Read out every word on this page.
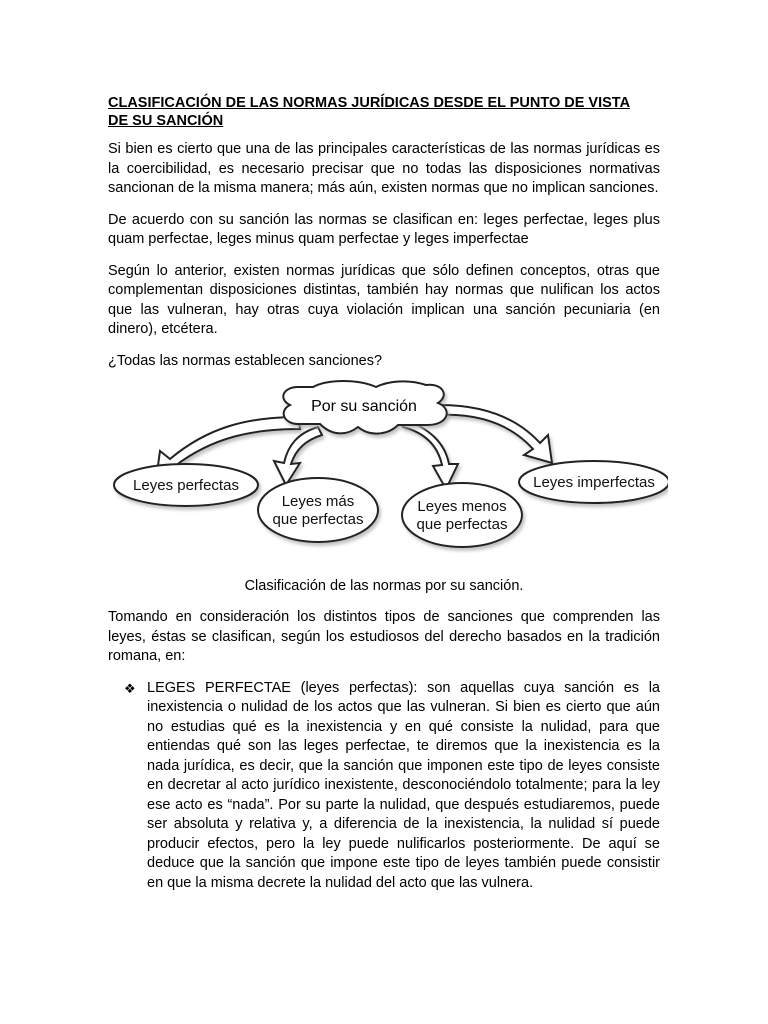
CLASIFICACIÓN DE LAS NORMAS JURÍDICAS DESDE EL PUNTO DE VISTA
DE SU SANCIÓN

Si bien es cierto que una de las principales características de las normas jurídicas es la coercibilidad, es necesario precisar que no todas las disposiciones normativas sancionan de la misma manera; más aún, existen normas que no implican sanciones.

De acuerdo con su sanción las normas se clasifican en: leges perfectae, leges plus quam perfectae, leges minus quam perfectae y leges imperfectae

Según lo anterior, existen normas jurídicas que sólo definen conceptos, otras que complementan disposiciones distintas, también hay normas que nulifican los actos que las vulneran, hay otras cuya violación implican una sanción pecuniaria (en dinero), etcétera.

¿Todas las normas establecen sanciones?

Por su sanción
Leyes perfectas
Leyes más
que perfectas
Leyes menos
que perfectas
Leyes imperfectas
Clasificación de las normas por su sanción.

Tomando en consideración los distintos tipos de sanciones que comprenden las leyes, éstas se clasifican, según los estudiosos del derecho basados en la tradición romana, en:

❖ LEGES PERFECTAE (leyes perfectas): son aquellas cuya sanción es la inexistencia o nulidad de los actos que las vulneran. Si bien es cierto que aún no estudias qué es la inexistencia y en qué consiste la nulidad, para que entiendas qué son las leges perfectae, te diremos que la inexistencia es la nada jurídica, es decir, que la sanción que imponen este tipo de leyes consiste en decretar al acto jurídico inexistente, desconociéndolo totalmente; para la ley ese acto es “nada”. Por su parte la nulidad, que después estudiaremos, puede ser absoluta y relativa y, a diferencia de la inexistencia, la nulidad sí puede producir efectos, pero la ley puede nulificarlos posteriormente. De aquí se deduce que la sanción que impone este tipo de leyes también puede consistir en que la misma decrete la nulidad del acto que las vulnera.
